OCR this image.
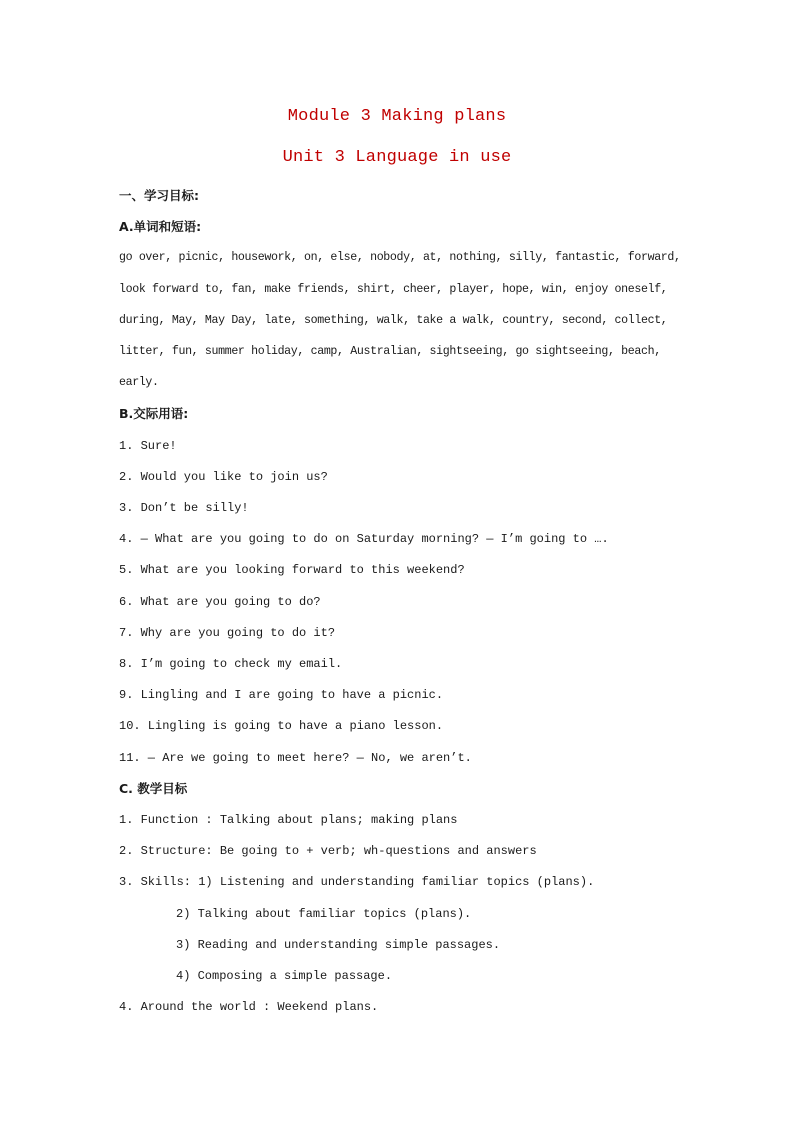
Module 3 Making plans
Unit 3 Language in use
一、学习目标:
A.单词和短语:
go over, picnic, housework, on, else, nobody, at, nothing, silly, fantastic, forward,
look forward to, fan, make friends, shirt, cheer, player, hope, win, enjoy oneself,
during, May, May Day, late, something, walk, take a walk, country, second, collect,
litter, fun, summer holiday, camp, Australian, sightseeing, go sightseeing, beach,
early.
B.交际用语:
1. Sure!
2. Would you like to join us?
3. Don’t be silly!
4. — What are you going to do on Saturday morning? — I’m going to ….
5. What are you looking forward to this weekend?
6. What are you going to do?
7. Why are you going to do it?
8. I’m going to check my email.
9. Lingling and I are going to have a picnic.
10. Lingling is going to have a piano lesson.
11. — Are we going to meet here? — No, we aren’t.
C. 教学目标
1. Function : Talking about plans; making plans
2. Structure: Be going to + verb; wh-questions and answers
3. Skills: 1) Listening and understanding familiar topics (plans).
2) Talking about familiar topics (plans).
3) Reading and understanding simple passages.
4) Composing a simple passage.
4. Around the world : Weekend plans.
